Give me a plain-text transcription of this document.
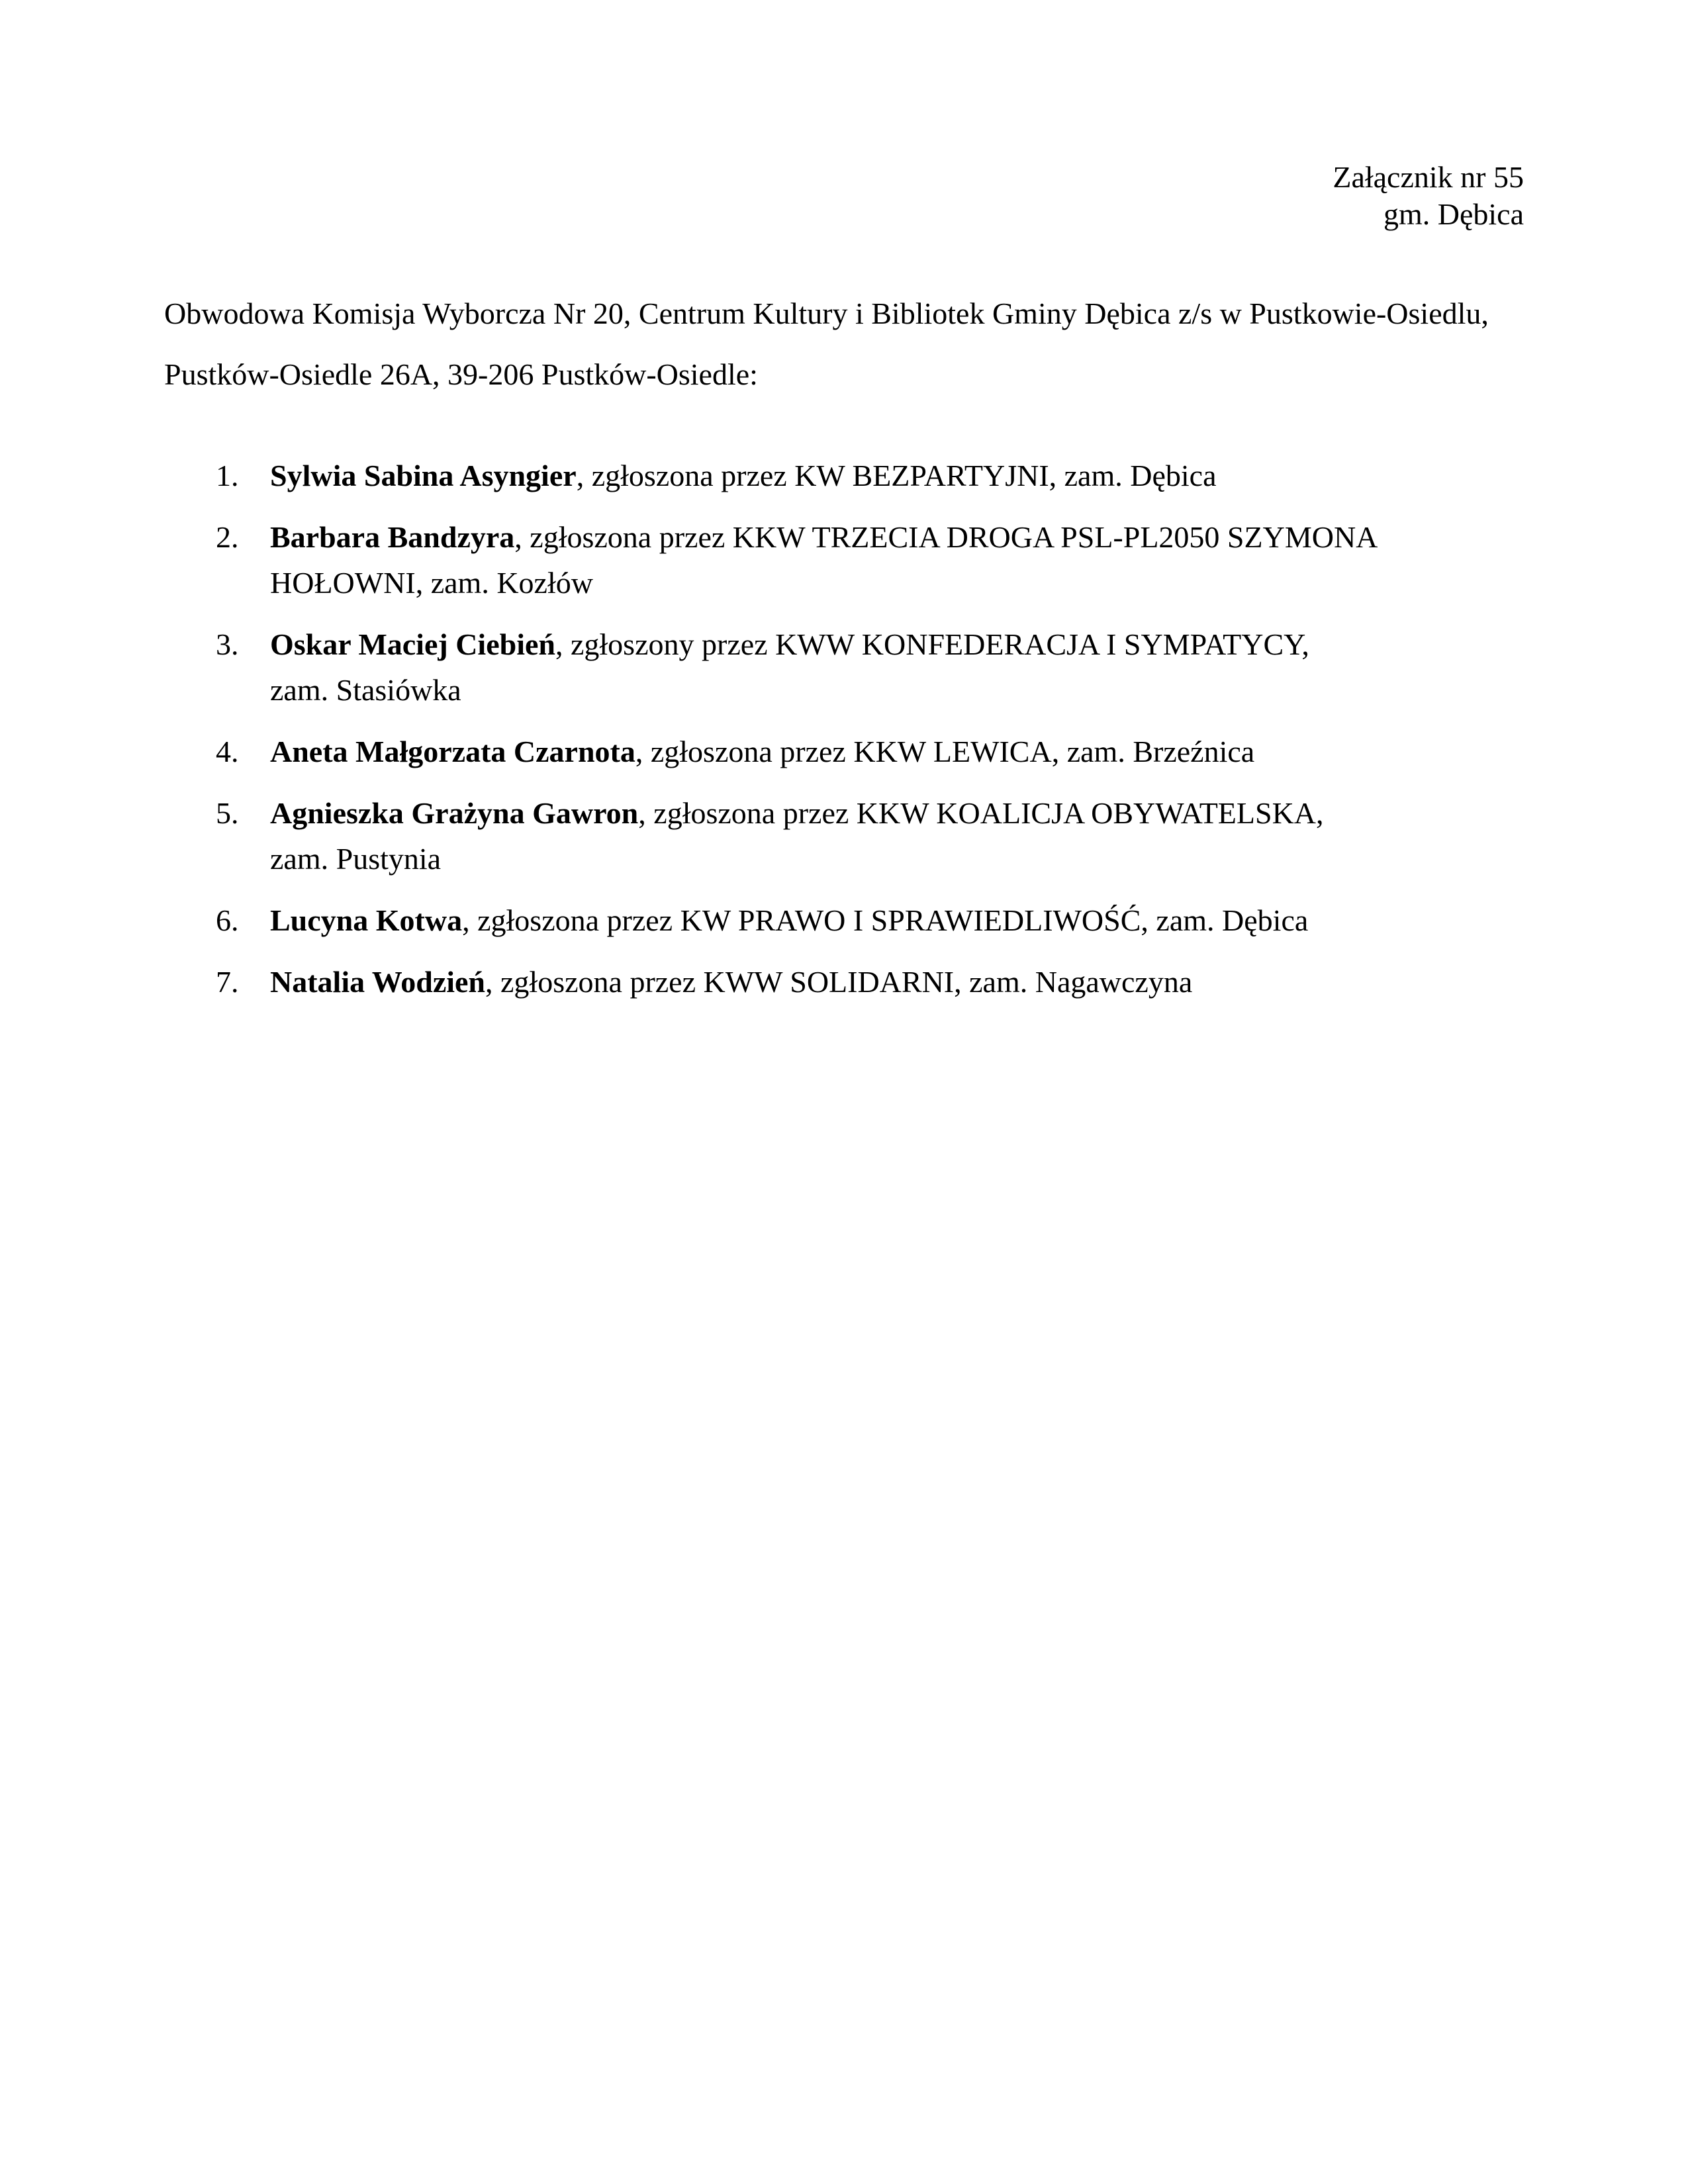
Załącznik nr 55
gm. Dębica
Obwodowa Komisja Wyborcza Nr 20, Centrum Kultury i Bibliotek Gminy Dębica z/s w Pustkowie-Osiedlu,
Pustków-Osiedle 26A, 39-206 Pustków-Osiedle:
1. Sylwia Sabina Asyngier, zgłoszona przez KW BEZPARTYJNI, zam. Dębica
2. Barbara Bandzyra, zgłoszona przez KKW TRZECIA DROGA PSL-PL2050 SZYMONA
HOŁOWNI, zam. Kozłów
3. Oskar Maciej Ciebień, zgłoszony przez KWW KONFEDERACJA I SYMPATYCY,
zam. Stasiówka
4. Aneta Małgorzata Czarnota, zgłoszona przez KKW LEWICA, zam. Brzeźnica
5. Agnieszka Grażyna Gawron, zgłoszona przez KKW KOALICJA OBYWATELSKA,
zam. Pustynia
6. Lucyna Kotwa, zgłoszona przez KW PRAWO I SPRAWIEDLIWOŚĆ, zam. Dębica
7. Natalia Wodzień, zgłoszona przez KWW SOLIDARNI, zam. Nagawczyna
